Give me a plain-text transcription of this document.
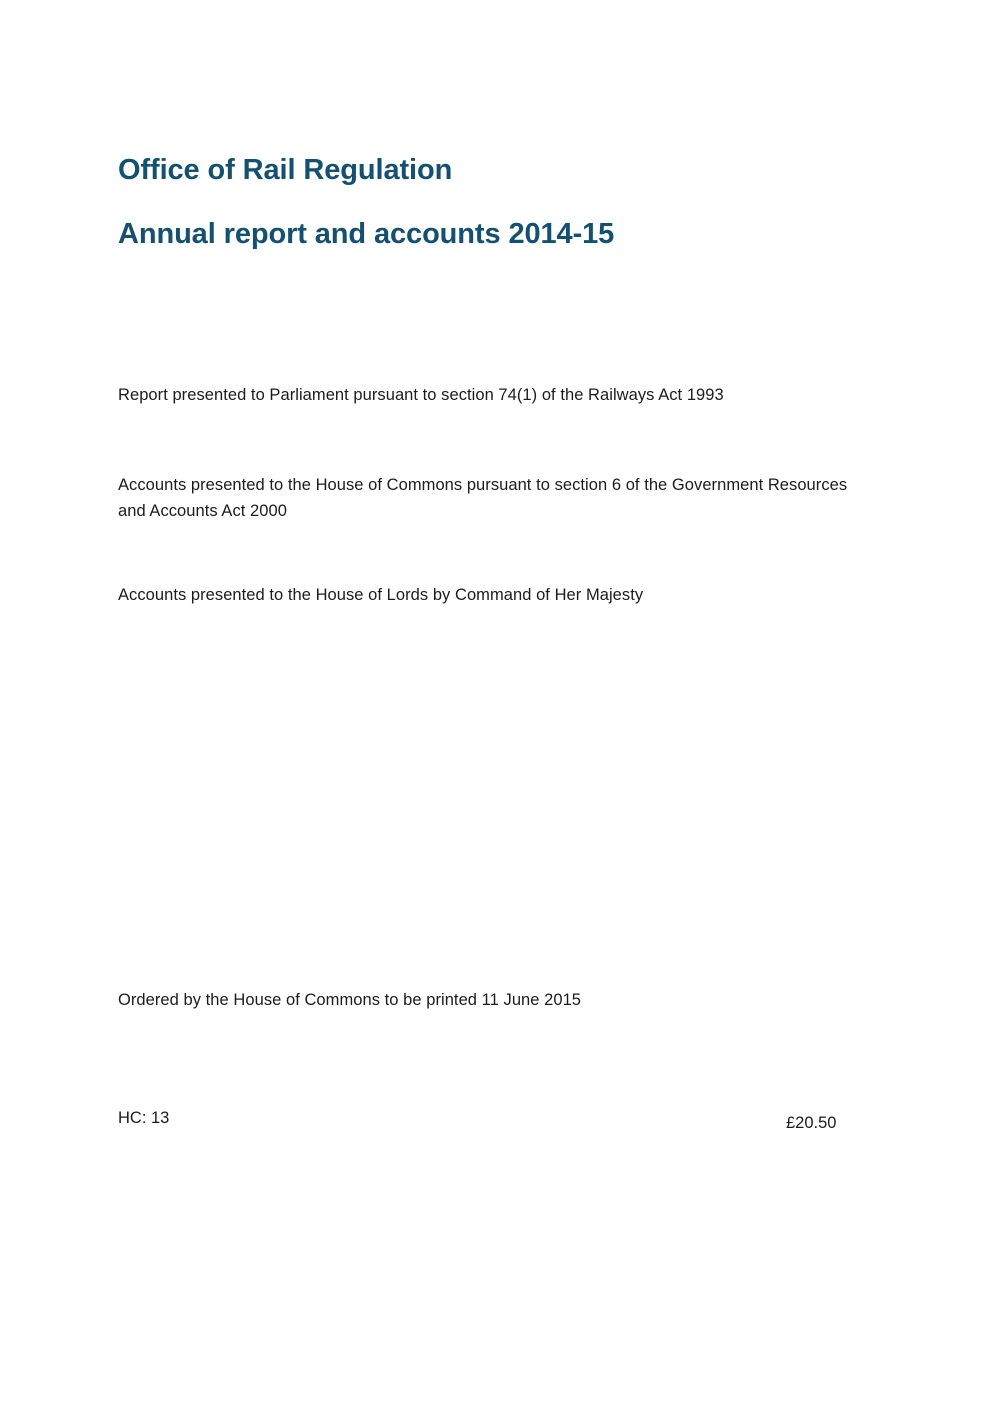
Office of Rail Regulation
Annual report and accounts 2014-15

Report presented to Parliament pursuant to section 74(1) of the Railways Act 1993

Accounts presented to the House of Commons pursuant to section 6 of the Government Resources and Accounts Act 2000

Accounts presented to the House of Lords by Command of Her Majesty

Ordered by the House of Commons to be printed 11 June 2015

HC: 13	£20.50
